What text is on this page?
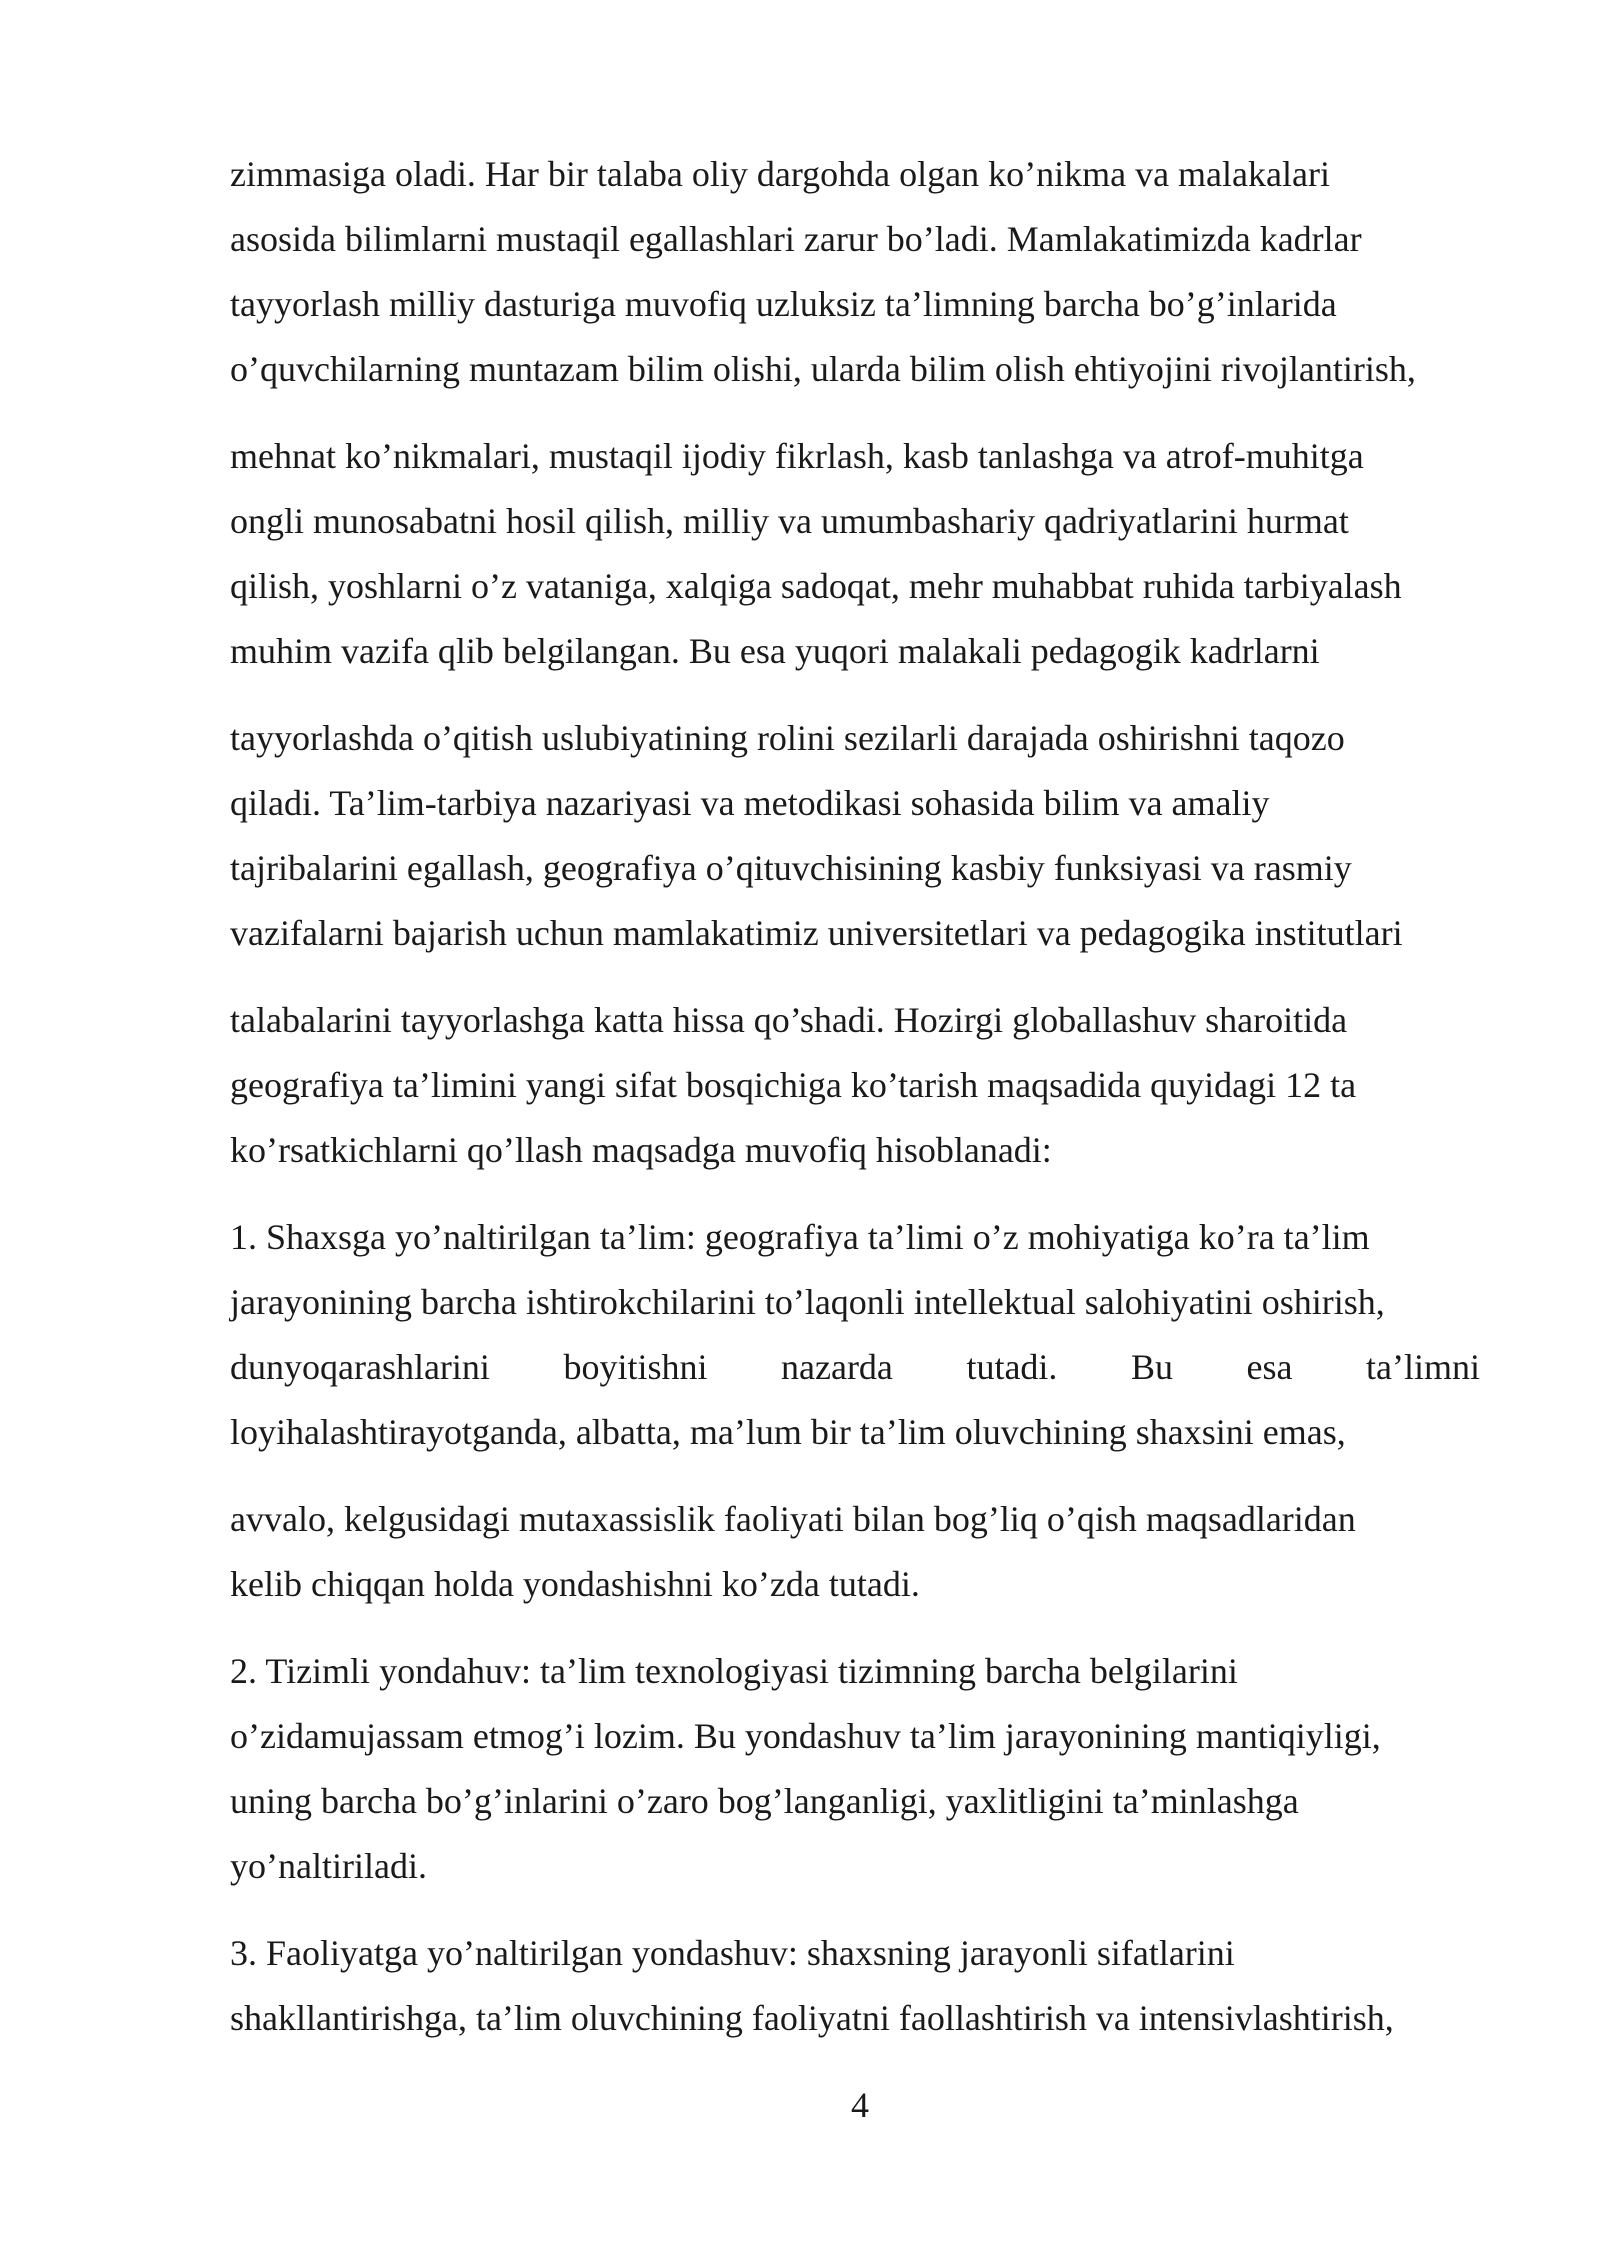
zimmasiga oladi. Har bir talaba oliy dargohda olgan ko’nikma va malakalari
asosida bilimlarni mustaqil egallashlari zarur bo’ladi. Mamlakatimizda kadrlar
tayyorlash milliy dasturiga muvofiq uzluksiz ta’limning barcha bo’g’inlarida
o’quvchilarning muntazam bilim olishi, ularda bilim olish ehtiyojini rivojlantirish,
mehnat ko’nikmalari, mustaqil ijodiy fikrlash, kasb tanlashga va atrof-muhitga
ongli munosabatni hosil qilish, milliy va umumbashariy qadriyatlarini hurmat
qilish, yoshlarni o’z vataniga, xalqiga sadoqat, mehr muhabbat ruhida tarbiyalash
muhim vazifa qlib belgilangan. Bu esa yuqori malakali pedagogik kadrlarni
tayyorlashda o’qitish uslubiyatining rolini sezilarli darajada oshirishni taqozo
qiladi. Ta’lim-tarbiya nazariyasi va metodikasi sohasida bilim va amaliy
tajribalarini egallash, geografiya o’qituvchisining kasbiy funksiyasi va rasmiy
vazifalarni bajarish uchun mamlakatimiz universitetlari va pedagogika institutlari
talabalarini tayyorlashga katta hissa qo’shadi. Hozirgi globallashuv sharoitida
geografiya ta’limini yangi sifat bosqichiga ko’tarish maqsadida quyidagi 12 ta
ko’rsatkichlarni qo’llash maqsadga muvofiq hisoblanadi:
1. Shaxsga yo’naltirilgan ta’lim: geografiya ta’limi o’z mohiyatiga ko’ra ta’lim
jarayonining barcha ishtirokchilarini to’laqonli intellektual salohiyatini oshirish,
dunyoqarashlarini boyitishni nazarda tutadi. Bu esa ta’limni
loyihalashtirayotganda, albatta, ma’lum bir ta’lim oluvchining shaxsini emas,
avvalo, kelgusidagi mutaxassislik faoliyati bilan bog’liq o’qish maqsadlaridan
kelib chiqqan holda yondashishni ko’zda tutadi.
2. Tizimli yondahuv: ta’lim texnologiyasi tizimning barcha belgilarini
o’zidamujassam etmog’i lozim. Bu yondashuv ta’lim jarayonining mantiqiyligi,
uning barcha bo’g’inlarini o’zaro bog’langanligi, yaxlitligini ta’minlashga
yo’naltiriladi.
3. Faoliyatga yo’naltirilgan yondashuv: shaxsning jarayonli sifatlarini
shakllantirishga, ta’lim oluvchining faoliyatni faollashtirish va intensivlashtirish,
4
